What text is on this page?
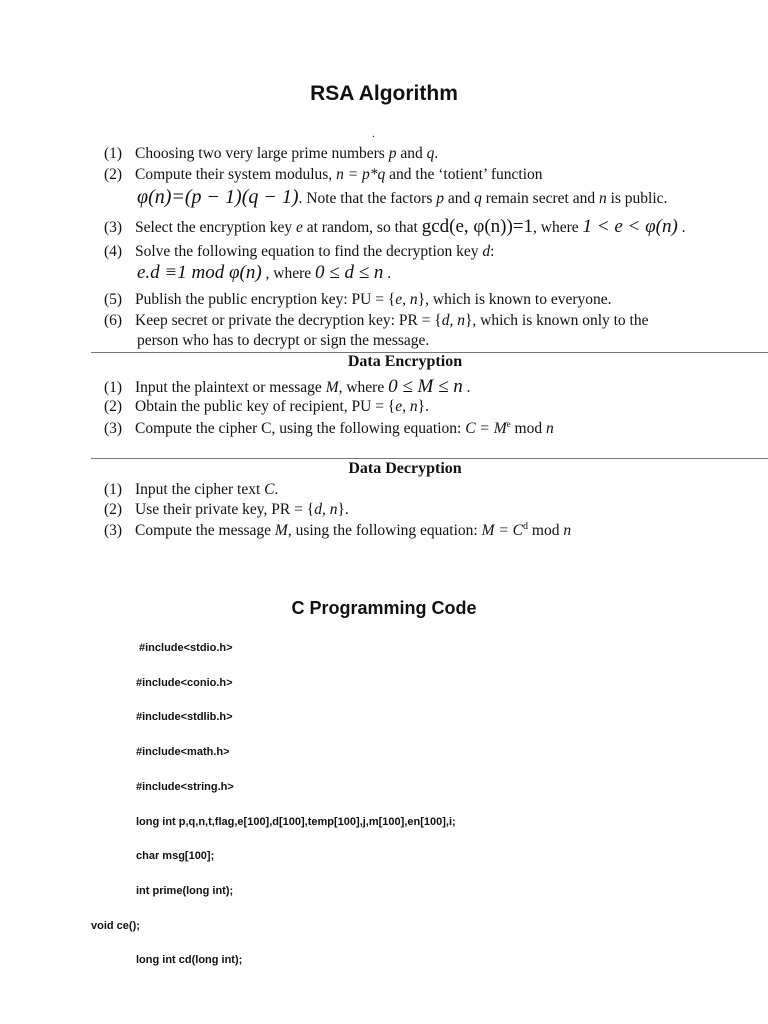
RSA Algorithm
.
(1) Choosing two very large prime numbers p and q.
(2) Compute their system modulus, n = p*q and the ‘totient’ function
φ(n)=(p − 1)(q − 1). Note that the factors p and q remain secret and n is public.
(3) Select the encryption key e at random, so that gcd(e, φ(n))=1, where 1 < e < φ(n) .
(4) Solve the following equation to find the decryption key d:
e.d ≡1 mod φ(n) , where 0 ≤ d ≤ n .
(5) Publish the public encryption key: PU = {e, n}, which is known to everyone.
(6) Keep secret or private the decryption key: PR = {d, n}, which is known only to the
person who has to decrypt or sign the message.
Data Encryption
(1) Input the plaintext or message M, where 0 ≤ M ≤ n .
(2) Obtain the public key of recipient, PU = {e, n}.
(3) Compute the cipher C, using the following equation: $C = M^e$ mod n
Data Decryption
(1) Input the cipher text C.
(2) Use their private key, PR = {d, n}.
(3) Compute the message M, using the following equation: $M = C^d$ mod n
C Programming Code
#include<stdio.h>
#include<conio.h>
#include<stdlib.h>
#include<math.h>
#include<string.h>
long int p,q,n,t,flag,e[100],d[100],temp[100],j,m[100],en[100],i;
char msg[100];
int prime(long int);
void ce();
long int cd(long int);
